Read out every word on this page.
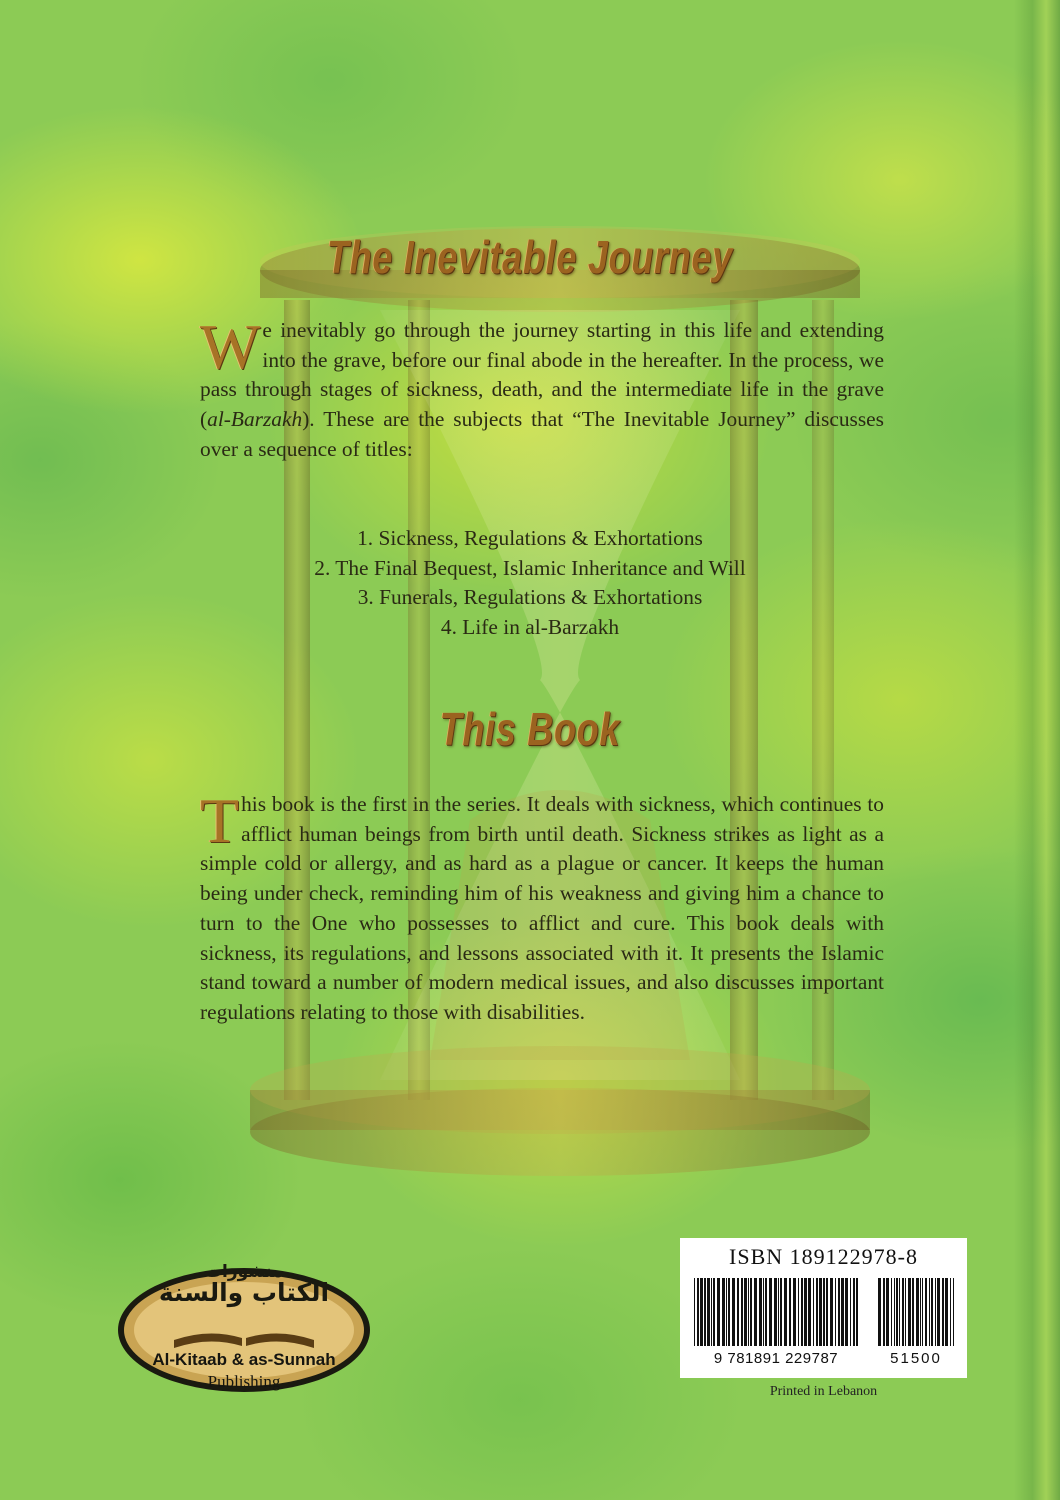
The Inevitable Journey

We inevitably go through the journey starting in this life and extending into the grave, before our final abode in the hereafter. In the process, we pass through stages of sickness, death, and the intermediate life in the grave (al-Barzakh). These are the subjects that “The Inevitable Journey” discusses over a sequence of titles:

1. Sickness, Regulations & Exhortations
2. The Final Bequest, Islamic Inheritance and Will
3. Funerals, Regulations & Exhortations
4. Life in al-Barzakh
This Book

This book is the first in the series. It deals with sickness, which continues to afflict human beings from birth until death. Sickness strikes as light as a simple cold or allergy, and as hard as a plague or cancer. It keeps the human being under check, reminding him of his weakness and giving him a chance to turn to the One who possesses to afflict and cure. This book deals with sickness, its regulations, and lessons associated with it. It presents the Islamic stand toward a number of modern medical issues, and also discusses important regulations relating to those with disabilities.

منشورات
الكتاب والسنة
Al-Kitaab & as-Sunnah
Publishing
ISBN 189122978-8
9 781891 229787	51500
Printed in Lebanon
